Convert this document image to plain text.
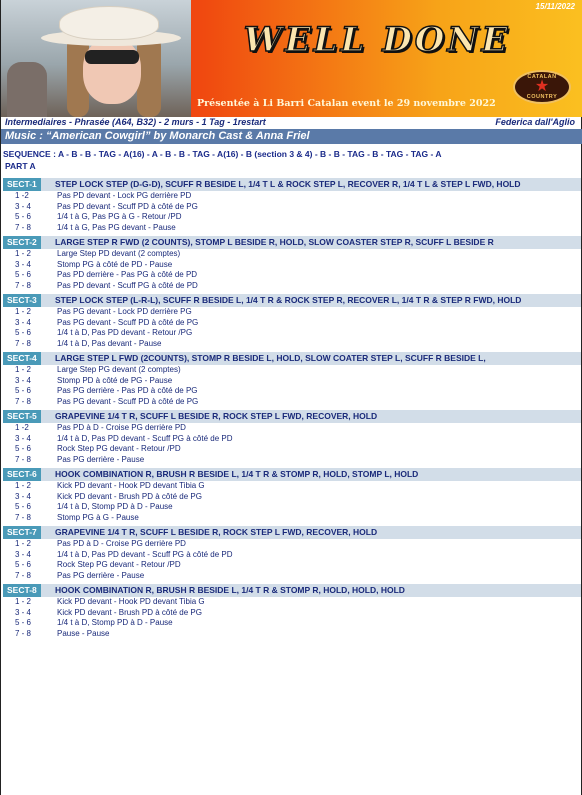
15/11/2022
WELL DONE
CATALAN
★
COUNTRY
Présentée à Li Barri Catalan event le 29 novembre 2022
Intermediaires - Phrasée (A64, B32) - 2 murs - 1 Tag - 1restart	Federica dall'Aglio
Music : “American Cowgirl” by Monarch Cast & Anna Friel
SEQUENCE : A - B - B - TAG - A(16) - A - B - B - TAG - A(16) - B (section 3 & 4) - B - B - TAG - B - TAG - TAG - A
PART A
SECT-1	STEP LOCK STEP (D-G-D), SCUFF R BESIDE L, 1/4 T L & ROCK STEP L, RECOVER R, 1/4 T L & STEP L FWD, HOLD
1 -2	Pas PD devant - Lock PG derrière PD
3 - 4	Pas PD devant - Scuff PD à côté de PG
5 - 6	1/4 t à G, Pas PG à G - Retour /PD
7 - 8	1/4 t à G, Pas PG devant - Pause
SECT-2	LARGE STEP R FWD (2 COUNTS), STOMP L BESIDE R, HOLD, SLOW COASTER STEP R, SCUFF L BESIDE R
1 - 2	Large Step PD devant (2 comptes)
3 - 4	Stomp PG à côté de PD - Pause
5 - 6	Pas PD derrière - Pas PG à côté de PD
7 - 8	Pas PD devant - Scuff PG à côté de PD
SECT-3	STEP LOCK STEP (L-R-L), SCUFF R BESIDE L, 1/4 T R & ROCK STEP R, RECOVER L, 1/4 T R & STEP R FWD, HOLD
1 - 2	Pas PG devant - Lock PD derrière PG
3 - 4	Pas PG devant - Scuff PD à côté de PG
5 - 6	1/4 t à D, Pas PD devant - Retour /PG
7 - 8	1/4 t à D, Pas devant - Pause
SECT-4	LARGE STEP L FWD (2COUNTS), STOMP R BESIDE L, HOLD, SLOW COATER STEP L, SCUFF R BESIDE L,
1 - 2	Large Step PG devant (2 comptes)
3 - 4	Stomp PD à côté de PG - Pause
5 - 6	Pas PG derrière - Pas PD à côté de PG
7 - 8	Pas PG devant - Scuff PD à côté de PG
SECT-5	GRAPEVINE 1/4 T R, SCUFF L BESIDE R, ROCK STEP L FWD, RECOVER, HOLD
1 -2	Pas PD à D - Croise PG derrière PD
3 - 4	1/4 t à D, Pas PD devant - Scuff PG à côté de PD
5 - 6	Rock Step PG devant - Retour /PD
7 - 8	Pas PG derrière - Pause
SECT-6	HOOK COMBINATION R, BRUSH R BESIDE L, 1/4 T R & STOMP R, HOLD, STOMP L, HOLD
1 - 2	Kick PD devant - Hook PD devant Tibia G
3 - 4	Kick PD devant - Brush PD à côté de PG
5 - 6	1/4 t à D, Stomp PD à D - Pause
7 - 8	Stomp PG à G - Pause
SECT-7	GRAPEVINE 1/4 T R, SCUFF L BESIDE R, ROCK STEP L FWD, RECOVER, HOLD
1 - 2	Pas PD à D - Croise PG derrière PD
3 - 4	1/4 t à D, Pas PD devant - Scuff PG à côté de PD
5 - 6	Rock Step PG devant - Retour /PD
7 - 8	Pas PG derrière - Pause
SECT-8	HOOK COMBINATION R, BRUSH R BESIDE L, 1/4 T R & STOMP R, HOLD, HOLD, HOLD
1 - 2	Kick PD devant - Hook PD devant Tibia G
3 - 4	Kick PD devant - Brush PD à côté de PG
5 - 6	1/4 t à D, Stomp PD à D - Pause
7 - 8	Pause - Pause
